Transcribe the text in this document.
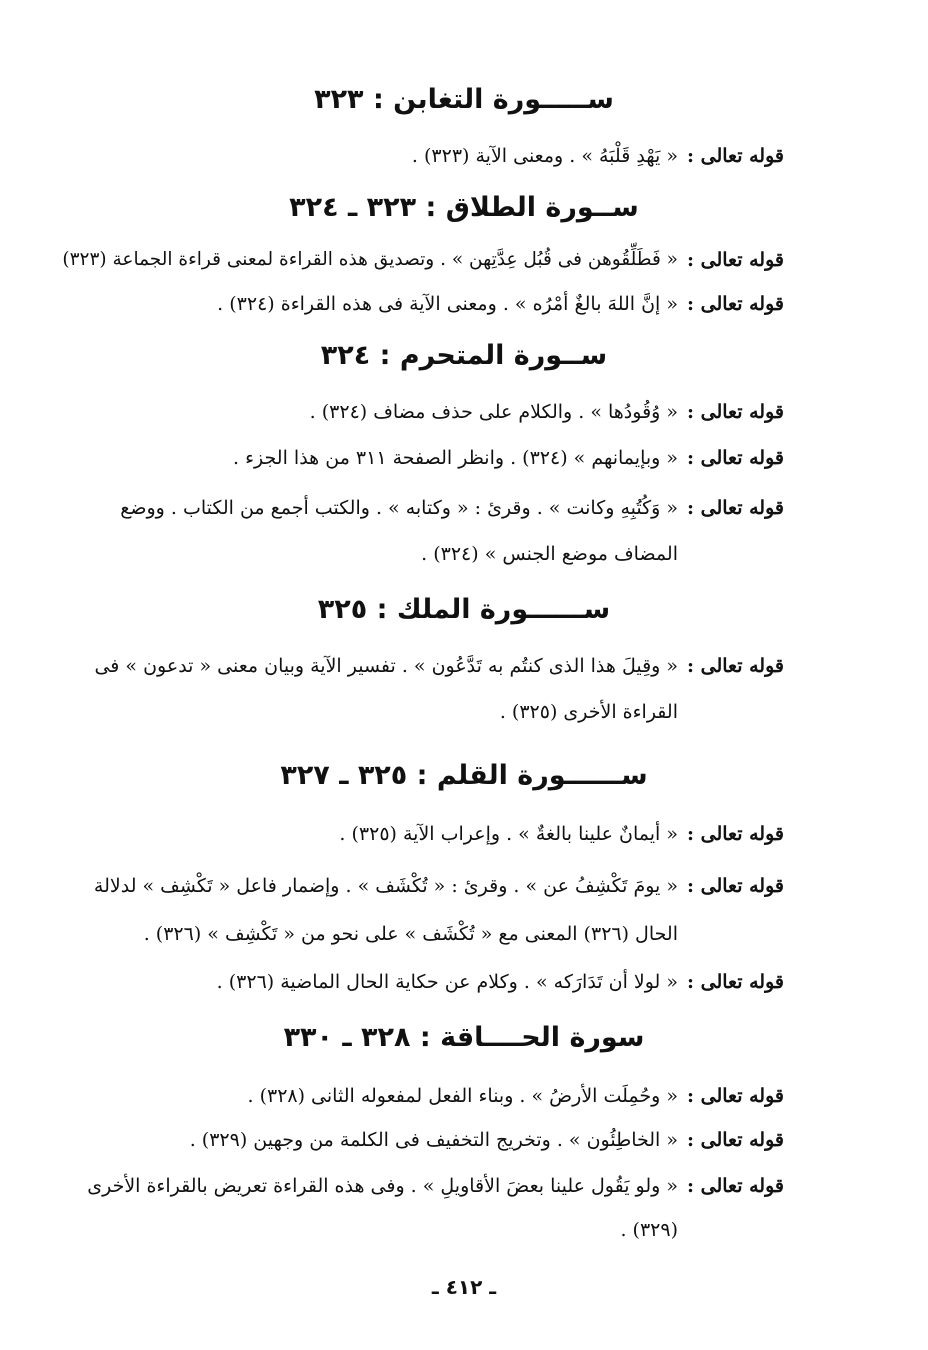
ســـــورة التغابن : ٣٢٣
قوله تعالى :
« يَهْدِ قَلْبَهُ » . ومعنى الآية (٣٢٣) .
ســورة الطلاق : ٣٢٣ ـ ٣٢٤
قوله تعالى :
« فَطَلِّقُوهن فى قُبُل عِدَّتِهن » . وتصديق هذه القراءة لمعنى قراءة الجماعة (٣٢٣)
قوله تعالى :
« إنَّ اللهَ بالغٌ أمْرُه » . ومعنى الآية فى هذه القراءة (٣٢٤) .
ســورة المتحرم : ٣٢٤
قوله تعالى :
« وُقُودُها » . والكلام على حذف مضاف (٣٢٤) .
قوله تعالى :
« وبإيمانهم » (٣٢٤) . وانظر الصفحة ٣١١ من هذا الجزء .
قوله تعالى :
« وَكُتُبِهِ وكانت » . وقرئ : « وكتابه » . والكتب أجمع من الكتاب . ووضع
المضاف موضع الجنس » (٣٢٤) .
ســــــورة الملك : ٣٢٥
قوله تعالى :
« وقِيلَ هذا الذى كنتُم به تَدَّعُون » . تفسير الآية وبيان معنى « تدعون » فى
القراءة الأخرى (٣٢٥) .
ســــــورة القلم : ٣٢٥ ـ ٣٢٧
قوله تعالى :
« أيمانٌ علينا بالغةٌ » . وإعراب الآية (٣٢٥) .
قوله تعالى :
« يومَ تَكْشِفُ عن » . وقرئ : « تُكْشَف » . وإضمار فاعل « تَكْشِف » لدلالة
الحال (٣٢٦) المعنى مع « تُكْشَف » على نحو من « تَكْشِف » (٣٢٦) .
قوله تعالى :
« لولا أن تَدَارَكه » . وكلام عن حكاية الحال الماضية (٣٢٦) .
سورة الحــــاقة : ٣٢٨ ـ ٣٣٠
قوله تعالى :
« وحُمِلَت الأرضُ » . وبناء الفعل لمفعوله الثانى (٣٢٨) .
قوله تعالى :
« الخاطِئُون » . وتخريج التخفيف فى الكلمة من وجهين (٣٢٩) .
قوله تعالى :
« ولو يَقُول علينا بعضَ الأقاويلِ » . وفى هذه القراءة تعريض بالقراءة الأخرى
(٣٢٩) .
ـ ٤١٢ ـ
